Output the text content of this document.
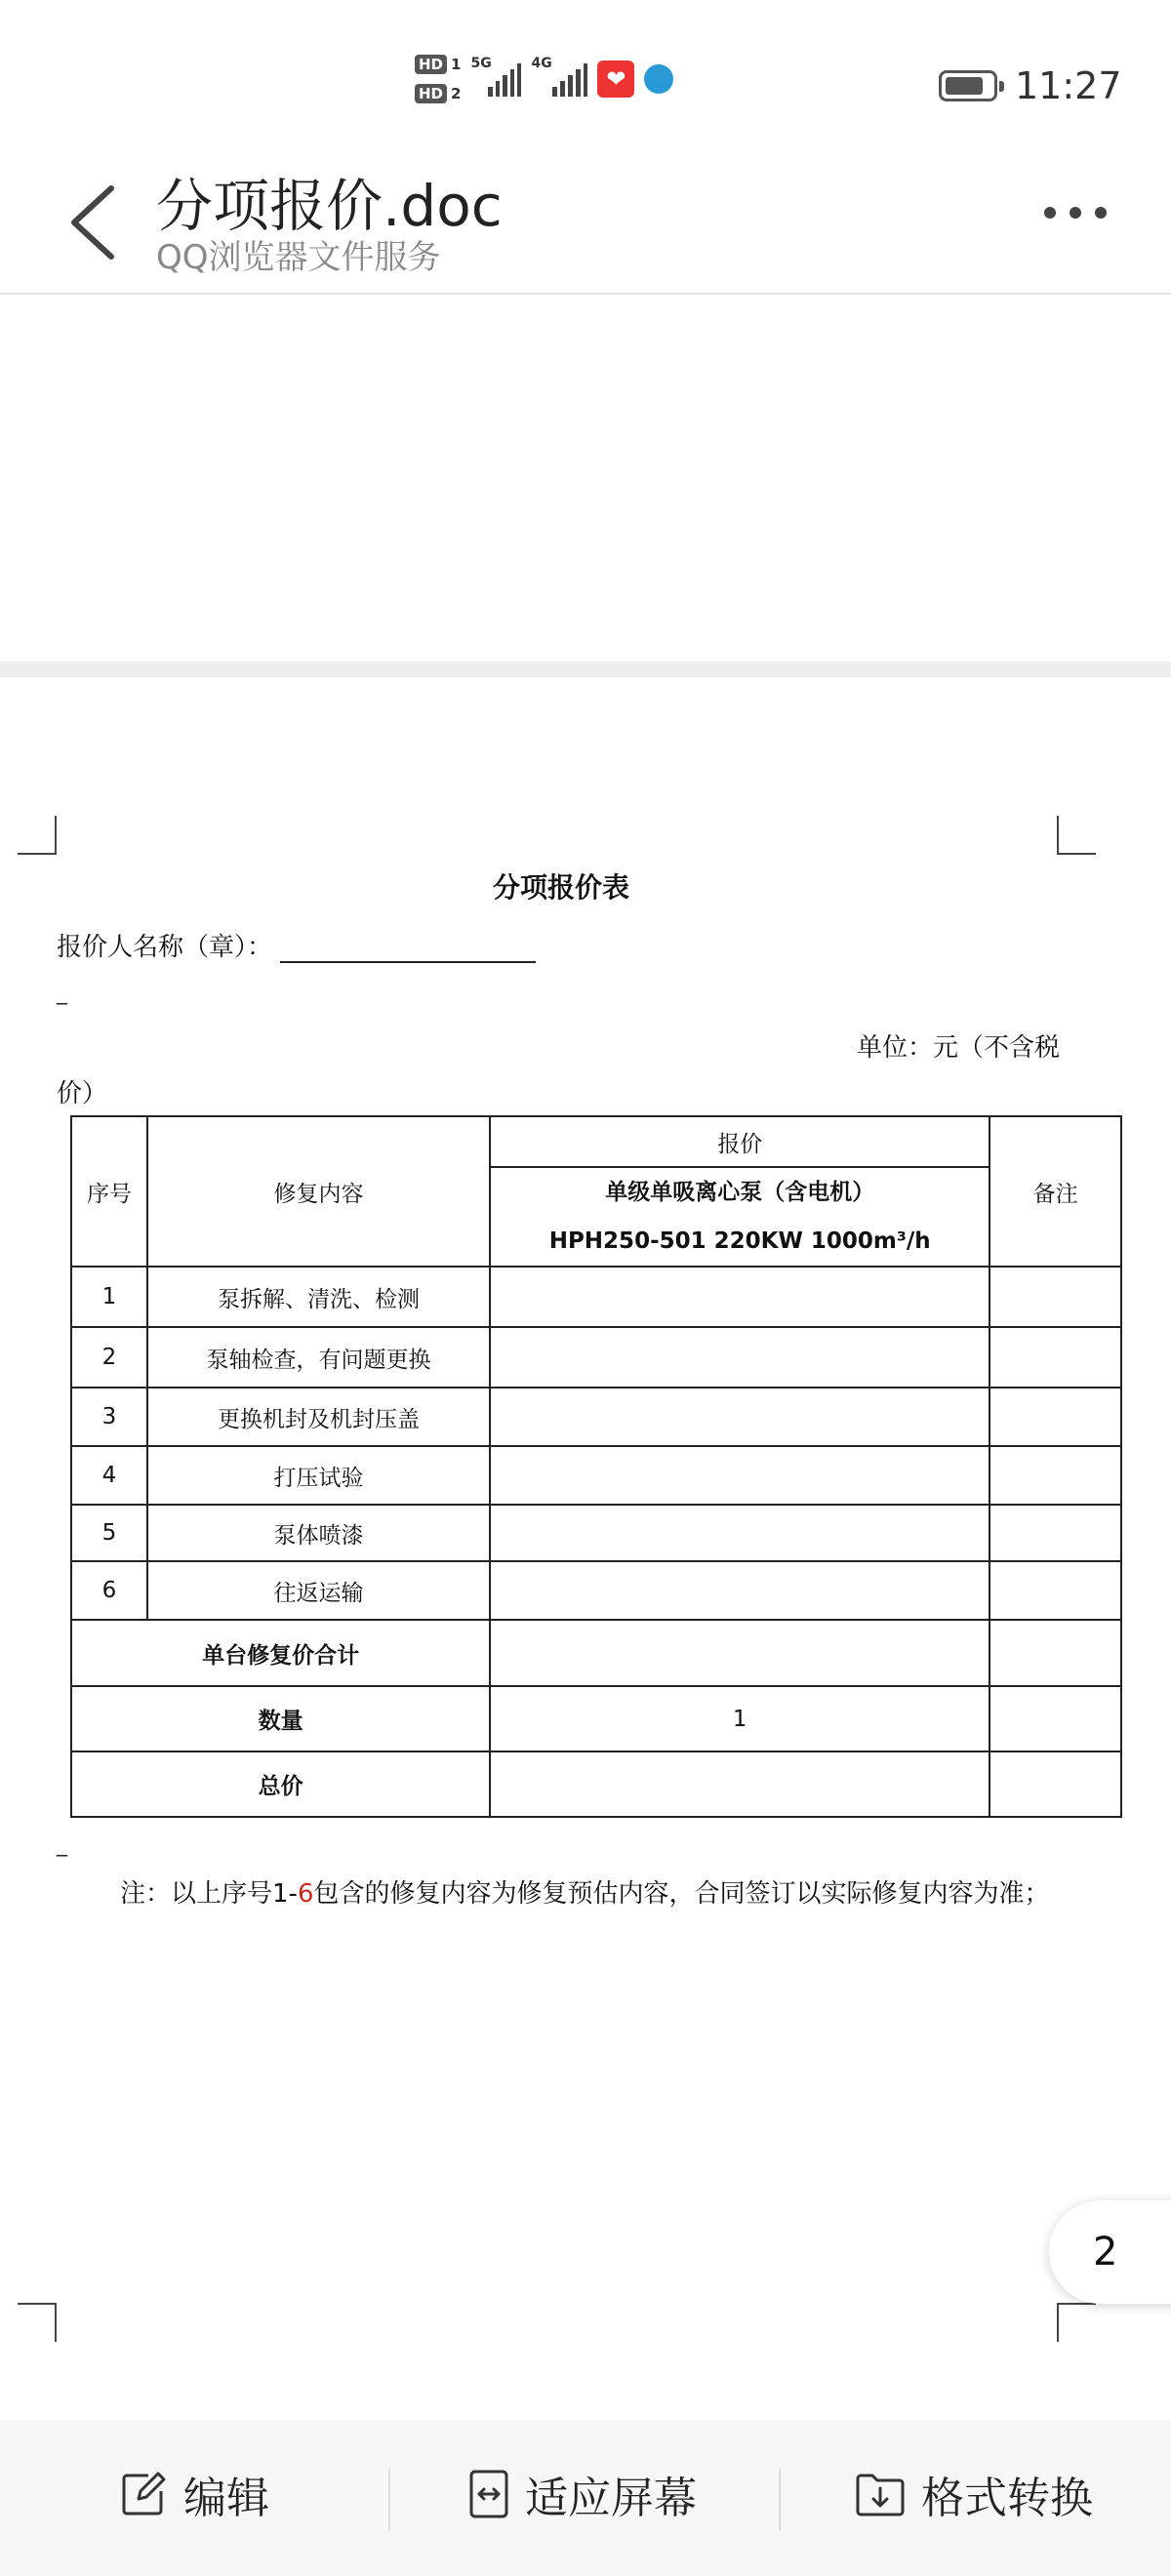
HD 1
HD 2
5G	4G
❤	11:27
分项报价.doc
QQ浏览器文件服务
分项报价表
报价人名称（章）：
_
单位：元（不含税
价）
序号	修复内容	报价	备注

		单级单吸离心泵（含电机）
HPH250-501 220KW 1000m³/h	

1	泵拆解、清洗、检测		
2	泵轴检查，有问题更换		
3	更换机封及机封压盖		
4	打压试验		
5	泵体喷漆		
6	往返运输		
单台修复价合计			
数量		1	
总价			
_
注：以上序号1-6包含的修复内容为修复预估内容，合同签订以实际修复内容为准；
2
编辑	适应屏幕	格式转换
